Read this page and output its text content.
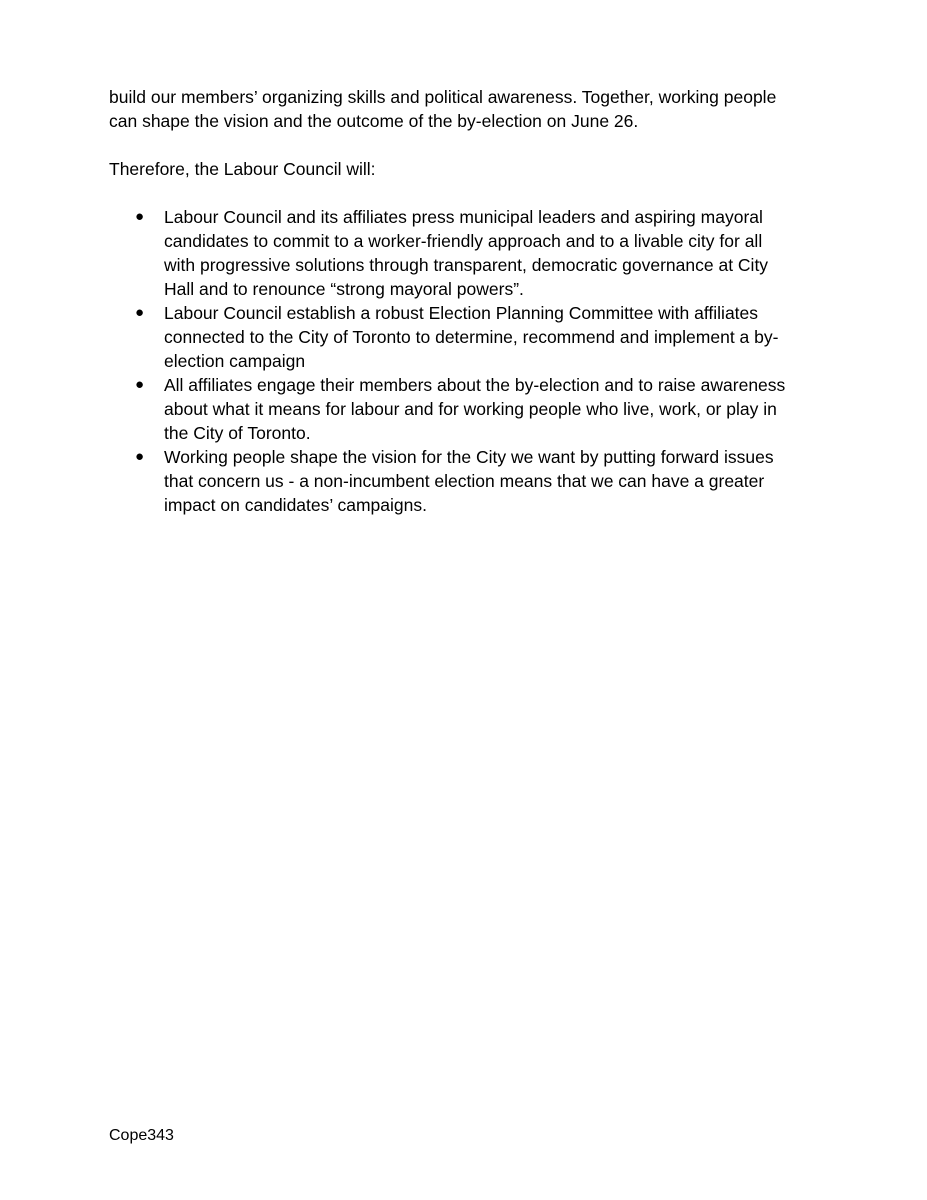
build our members’ organizing skills and political awareness. Together, working people
can shape the vision and the outcome of the by-election on June 26.

Therefore, the Labour Council will:

● Labour Council and its affiliates press municipal leaders and aspiring mayoral
candidates to commit to a worker-friendly approach and to a livable city for all
with progressive solutions through transparent, democratic governance at City
Hall and to renounce “strong mayoral powers”.
● Labour Council establish a robust Election Planning Committee with affiliates
connected to the City of Toronto to determine, recommend and implement a by-
election campaign
● All affiliates engage their members about the by-election and to raise awareness
about what it means for labour and for working people who live, work, or play in
the City of Toronto.
● Working people shape the vision for the City we want by putting forward issues
that concern us - a non-incumbent election means that we can have a greater
impact on candidates’ campaigns.

Cope343
